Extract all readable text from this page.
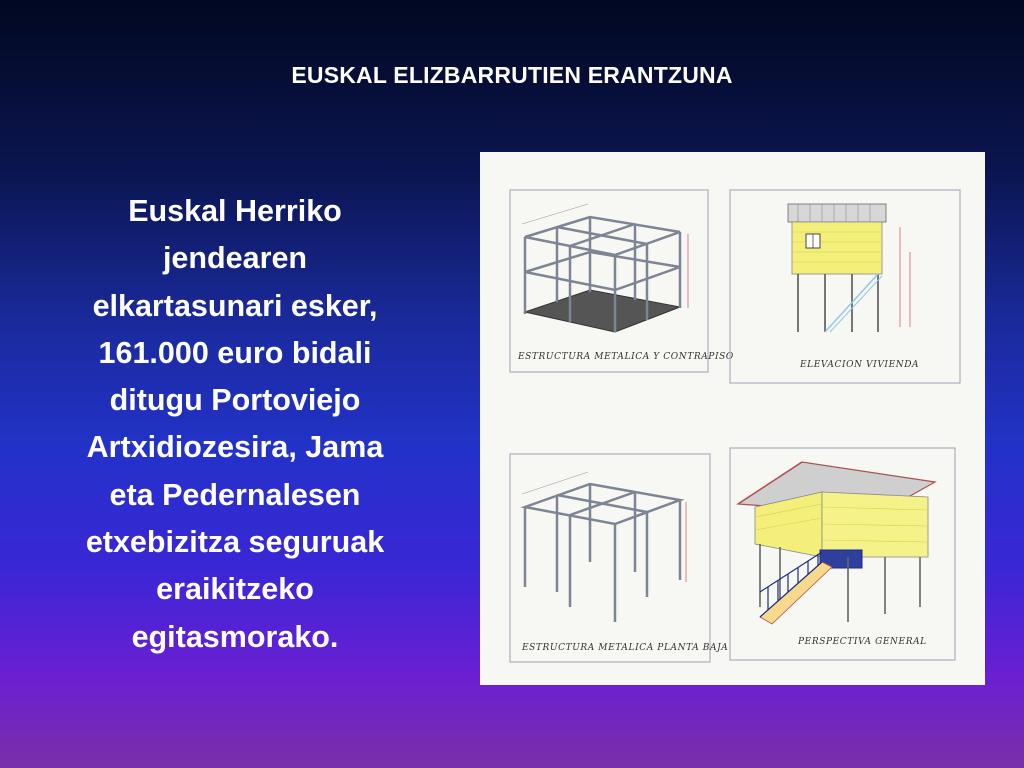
EUSKAL ELIZBARRUTIEN ERANTZUNA
Euskal Herriko
jendearen
elkartasunari esker,
161.000 euro bidali
ditugu Portoviejo
Artxidiozesira, Jama
eta Pedernalesen
etxebizitza seguruak
eraikitzeko
egitasmorako.
ESTRUCTURA METALICA Y CONTRAPISO
ELEVACION VIVIENDA
ESTRUCTURA METALICA PLANTA BAJA
PERSPECTIVA GENERAL
